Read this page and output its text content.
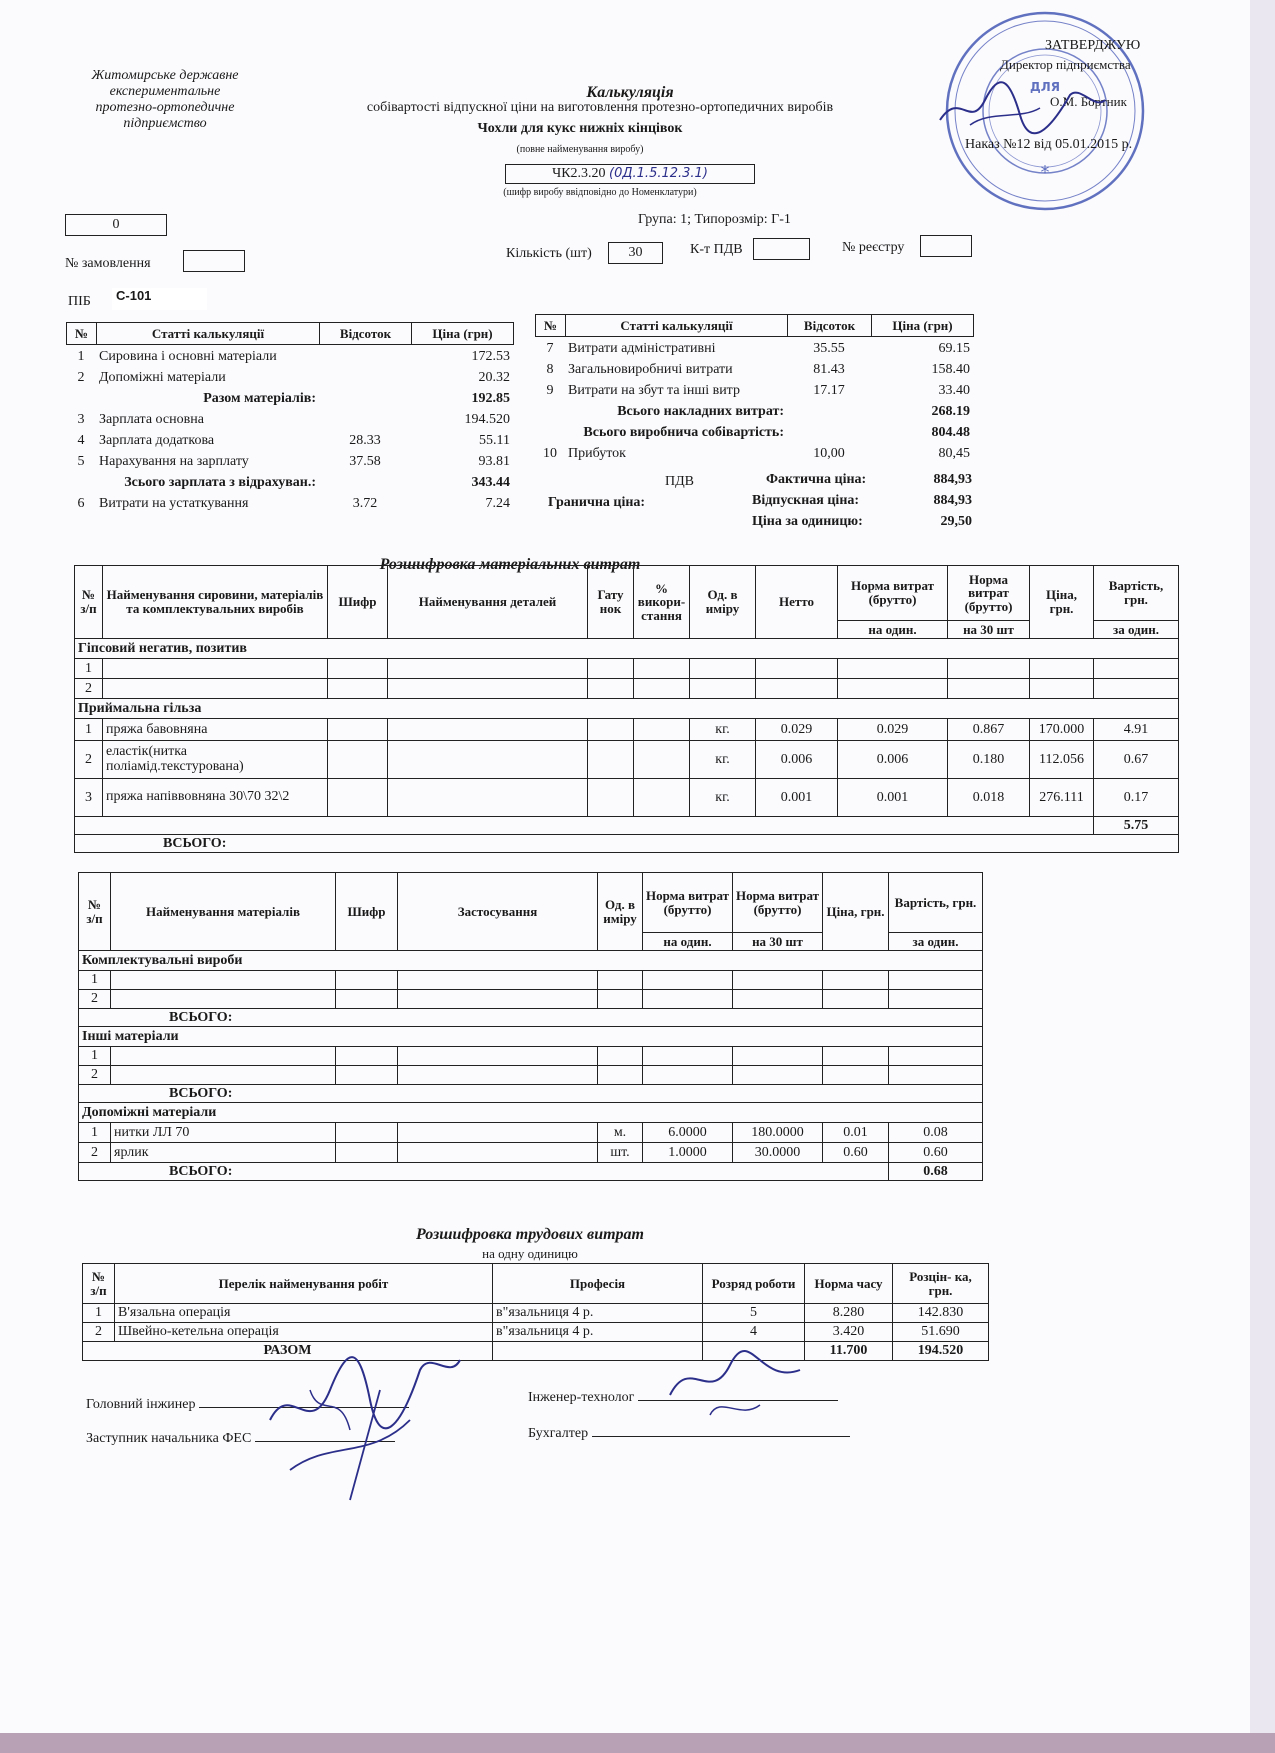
Житомирське державне
експериментальне
протезно-ортопедичне
підприємство
Калькуляція
собівартості відпускної ціни на виготовлення протезно-ортопедичних виробів
Чохли для кукс нижніх кінцівок
(повне найменування виробу)
ЧК2.3.20 (0Д.1.5.12.3.1)
(шифр виробу ввідповідно до Номенклатури)
Група: 1; Типорозмір: Г-1
ДЛЯ
*
ЗАТВЕРДЖУЮ
Директор підприємства
О.М. Бортник
Наказ №12 від 05.01.2015 р.
0
№ замовлення
ПІБ	С-101
Кількість (шт)	30	К-т ПДВ	№ реєстру
№	Статті калькуляції	Відсоток	Ціна (грн)
1	Сировина і основні матеріали	172.53
2	Допоміжні матеріали	20.32
Разом матеріалів:	192.85
3	Зарплата основна	194.520
4	Зарплата додаткова	28.33	55.11
5	Нарахування на зарплату	37.58	93.81
Зсього зарплата з відрахуван.:	343.44
6	Витрати на устаткування	3.72	7.24
№	Статті калькуляції	Відсоток	Ціна (грн)
7	Витрати адміністративні	35.55	69.15
8	Загальновиробничі витрати	81.43	158.40
9	Витрати на збут та інші витр	17.17	33.40
Всього накладних витрат:	268.19
Всього виробнича собівартість:	804.48
10 Прибуток	10,00	80,45
ПДВ	Фактична ціна:	884,93
Гранична ціна:	Відпускная ціна:	884,93
Ціна за одиницю:	29,50
Розшифровка матеріальних витрат
№ з/п	Найменування сировини, матеріалів та комплектувальних виробів	Шифр	Найменування деталей	Гату нок	% викори- стання	Од. в иміру	Нетто	Норма витрат (брутто)	Норма витрат (брутто)	Ціна, грн.	Вартість, грн.
								на один.	на 30 шт		за один.
Гіпсовий негатив, позитив											
1											
2											
Приймальна гільза											
1	пряжа бавовняна					кг.	0.029	0.029	0.867	170.000	4.91
2	еластік(нитка поліамід.текстурована)					кг.	0.006	0.006	0.180	112.056	0.67
3	пряжа напіввовняна 30\70 32\2					кг.	0.001	0.001	0.018	276.111	0.17
											5.75
ВСЬОГО:											
№ з/п	Найменування матеріалів	Шифр	Застосування	Од. в иміру	Норма витрат (брутто)	Норма витрат (брутто)	Ціна, грн.	Вартість, грн.
					на один.	на 30 шт		за один.
Комплектувальні вироби								
1								
2								
ВСЬОГО:								
Інші матеріали								
1								
2								
ВСЬОГО:								
Допоміжні матеріали								
1	нитки ЛЛ 70			м.	6.0000	180.0000	0.01	0.08
2	ярлик			шт.	1.0000	30.0000	0.60	0.60
ВСЬОГО:								0.68
Розшифровка трудових витрат
на одну одиницю
№ з/п	Перелік найменування робіт	Професія	Розряд роботи	Норма часу	Розцін- ка, грн.
1	В'язальна операція	в"язальниця 4 р.	5	8.280	142.830
2	Швейно-кетельна операція	в"язальниця 4 р.	4	3.420	51.690
РАЗОМ				11.700	194.520
Головний інжинер
Заступник начальника ФЕС
Інженер-технолог
Бухгалтер
